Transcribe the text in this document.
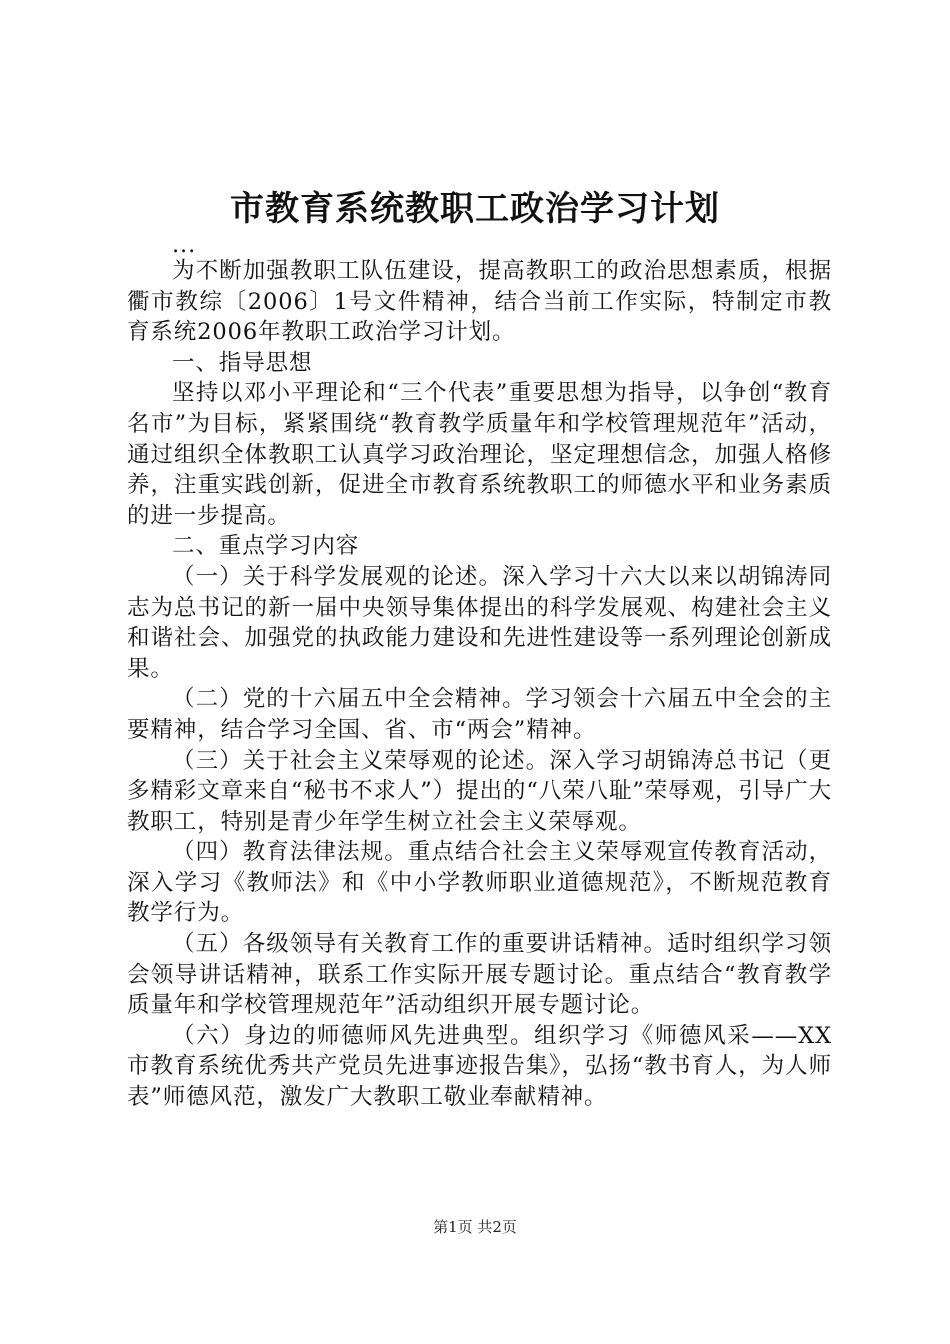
市教育系统教职工政治学习计划

...

为不断加强教职工队伍建设，提高教职工的政治思想素质，根据衢市教综〔2006〕1号文件精神，结合当前工作实际，特制定市教育系统2006年教职工政治学习计划。

一、指导思想

坚持以邓小平理论和“三个代表”重要思想为指导，以争创“教育名市”为目标，紧紧围绕“教育教学质量年和学校管理规范年”活动，通过组织全体教职工认真学习政治理论，坚定理想信念，加强人格修养，注重实践创新，促进全市教育系统教职工的师德水平和业务素质的进一步提高。

二、重点学习内容

（一）关于科学发展观的论述。深入学习十六大以来以胡锦涛同志为总书记的新一届中央领导集体提出的科学发展观、构建社会主义和谐社会、加强党的执政能力建设和先进性建设等一系列理论创新成果。

（二）党的十六届五中全会精神。学习领会十六届五中全会的主要精神，结合学习全国、省、市“两会”精神。

（三）关于社会主义荣辱观的论述。深入学习胡锦涛总书记（更多精彩文章来自“秘书不求人”）提出的“八荣八耻”荣辱观，引导广大教职工，特别是青少年学生树立社会主义荣辱观。

（四）教育法律法规。重点结合社会主义荣辱观宣传教育活动，深入学习《教师法》和《中小学教师职业道德规范》，不断规范教育教学行为。

（五）各级领导有关教育工作的重要讲话精神。适时组织学习领会领导讲话精神，联系工作实际开展专题讨论。重点结合“教育教学质量年和学校管理规范年”活动组织开展专题讨论。

（六）身边的师德师风先进典型。组织学习《师德风采——XX市教育系统优秀共产党员先进事迹报告集》，弘扬“教书育人，为人师表”师德风范，激发广大教职工敬业奉献精神。

第1页 共2页
